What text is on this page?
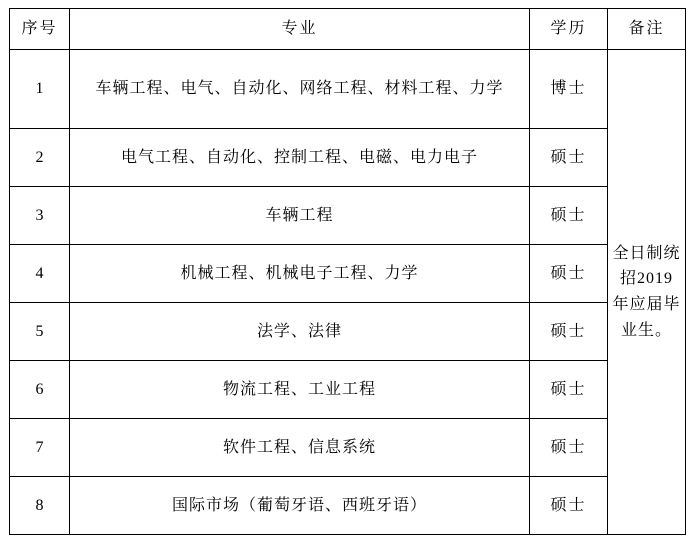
序号	专业	学历	备注
1	车辆工程、电气、自动化、网络工程、材料工程、力学	博士	全日制统招2019年应届毕业生。

2	电气工程、自动化、控制工程、电磁、电力电子	硕士	
3	车辆工程	硕士	
4	机械工程、机械电子工程、力学	硕士	
5	法学、法律	硕士	
6	物流工程、工业工程	硕士	
7	软件工程、信息系统	硕士	
8	国际市场（葡萄牙语、西班牙语）	硕士	
